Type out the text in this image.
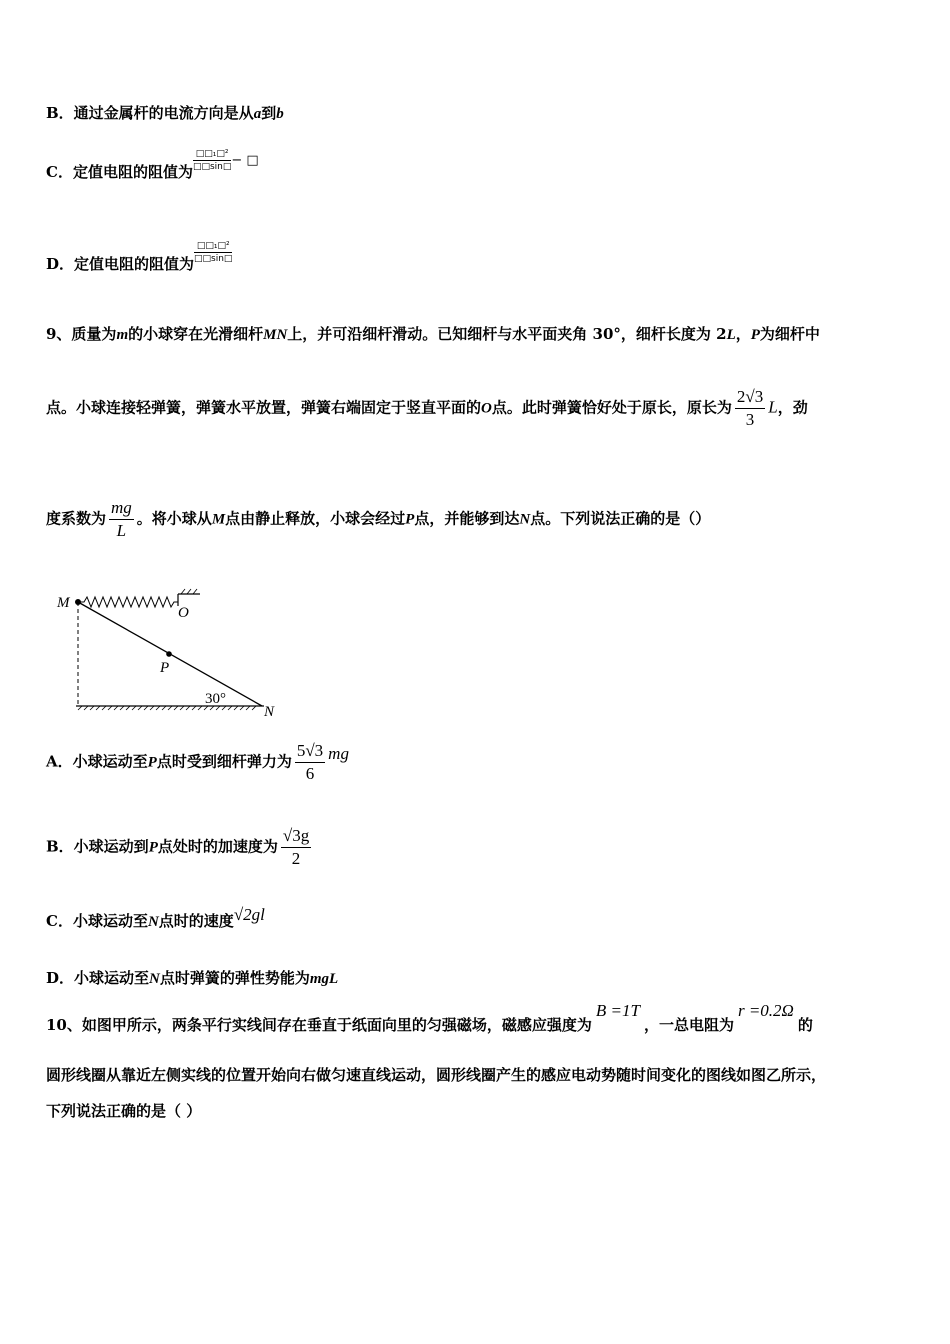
B．通过金属杆的电流方向是从a到b
C．定值电阻的阻值为
□□₁□²
□□sin□− □
D．定值电阻的阻值为
□□₁□²
□□sin□
9、质量为m的小球穿在光滑细杆MN上，并可沿细杆滑动。已知细杆与水平面夹角 30°，细杆长度为 2L，P为细杆中
点。小球连接轻弹簧，弹簧水平放置，弹簧右端固定于竖直平面的O点。此时弹簧恰好处于原长，原长为 $\frac{2√3}{3}$ L，劲
度系数为 $\frac{mg}{L}$ 。将小球从M点由静止释放，小球会经过P点，并能够到达N点。下列说法正确的是（）
M
O
P
N
30°
A．小球运动至P点时受到细杆弹力为 $\frac{5√3}{6}$ mg
B．小球运动到P点处时的加速度为 $\frac{√3g}{2}$
C．小球运动至N点时的速度√2gl
D．小球运动至N点时弹簧的弹性势能为mgL
10、如图甲所示，两条平行实线间存在垂直于纸面向里的匀强磁场，磁感应强度为B =1T，一总电阻为r =0.2Ω的
圆形线圈从靠近左侧实线的位置开始向右做匀速直线运动，圆形线圈产生的感应电动势随时间变化的图线如图乙所示，
下列说法正确的是（ ）
